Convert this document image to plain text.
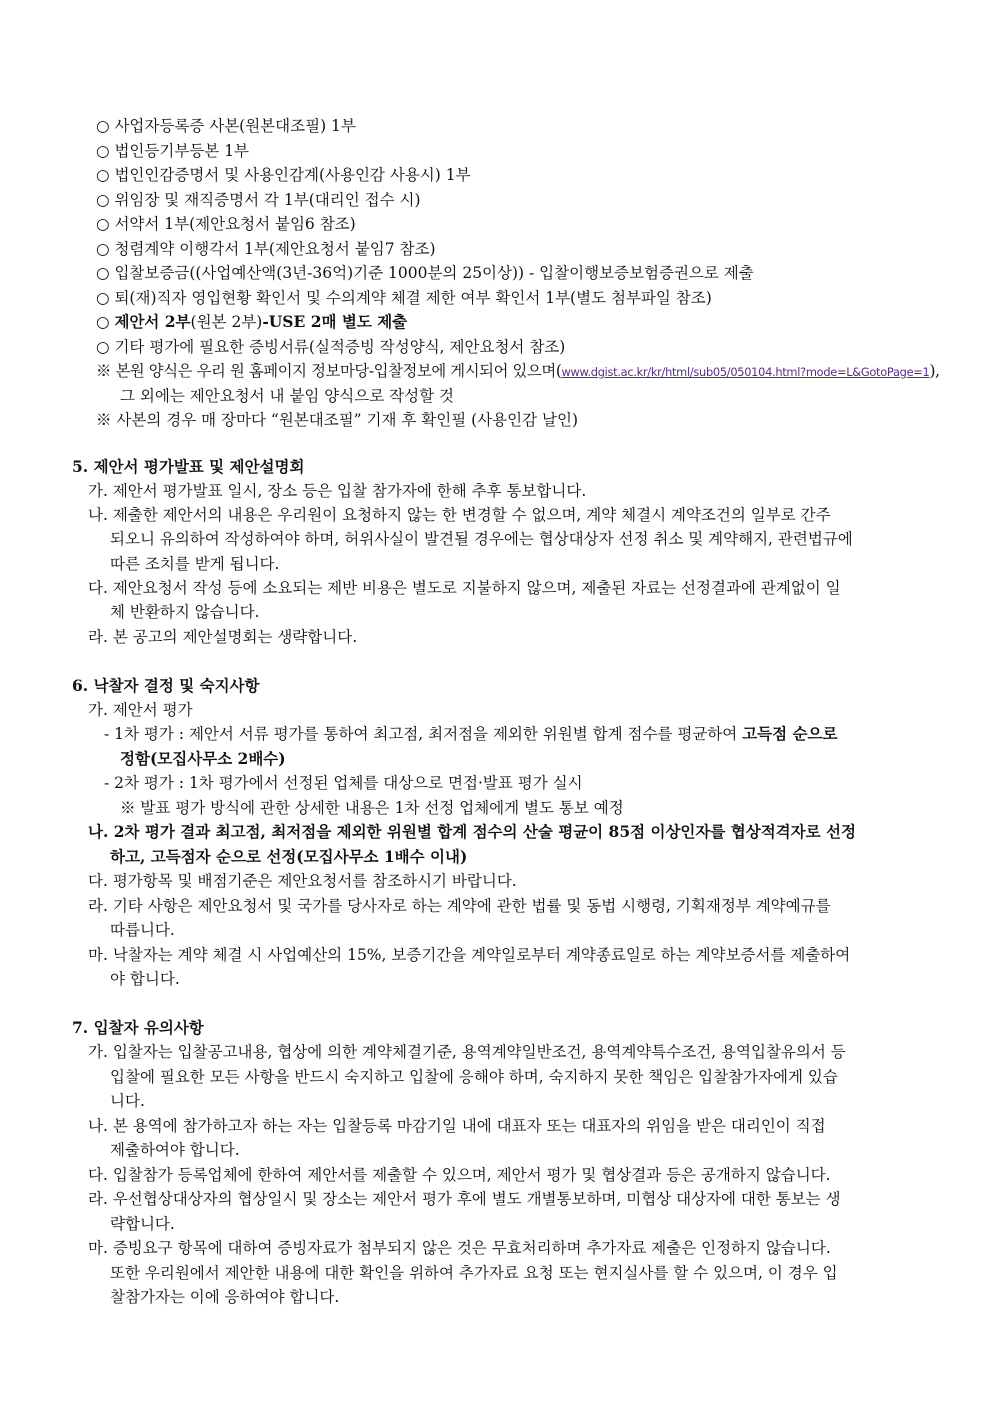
○ 사업자등록증 사본(원본대조필) 1부
○ 법인등기부등본 1부
○ 법인인감증명서 및 사용인감계(사용인감 사용시) 1부
○ 위임장 및 재직증명서 각 1부(대리인 접수 시)
○ 서약서 1부(제안요청서 붙임6 참조)
○ 청렴계약 이행각서 1부(제안요청서 붙임7 참조)
○ 입찰보증금((사업예산액(3년-36억)기준 1000분의 25이상)) - 입찰이행보증보험증권으로 제출
○ 퇴(재)직자 영입현황 확인서 및 수의계약 체결 제한 여부 확인서 1부(별도 첨부파일 참조)
○ 제안서 2부(원본 2부)-USE 2매 별도 제출
○ 기타 평가에 필요한 증빙서류(실적증빙 작성양식, 제안요청서 참조)
※ 본원 양식은 우리 원 홈페이지 정보마당-입찰정보에 게시되어 있으며(www.dgist.ac.kr/kr/html/sub05/050104.html?mode=L&GotoPage=1),
그 외에는 제안요청서 내 붙임 양식으로 작성할 것
※ 사본의 경우 매 장마다 “원본대조필” 기재 후 확인필 (사용인감 날인)
5. 제안서 평가발표 및 제안설명회
가. 제안서 평가발표 일시, 장소 등은 입찰 참가자에 한해 추후 통보합니다.
나. 제출한 제안서의 내용은 우리원이 요청하지 않는 한 변경할 수 없으며, 계약 체결시 계약조건의 일부로 간주
되오니 유의하여 작성하여야 하며, 허위사실이 발견될 경우에는 협상대상자 선정 취소 및 계약해지, 관련법규에
따른 조치를 받게 됩니다.
다. 제안요청서 작성 등에 소요되는 제반 비용은 별도로 지불하지 않으며, 제출된 자료는 선정결과에 관계없이 일
체 반환하지 않습니다.
라. 본 공고의 제안설명회는 생략합니다.
6. 낙찰자 결정 및 숙지사항
가. 제안서 평가
- 1차 평가 : 제안서 서류 평가를 통하여 최고점, 최저점을 제외한 위원별 합계 점수를 평균하여 고득점 순으로
정함(모집사무소 2배수)
- 2차 평가 : 1차 평가에서 선정된 업체를 대상으로 면접·발표 평가 실시
※ 발표 평가 방식에 관한 상세한 내용은 1차 선정 업체에게 별도 통보 예정
나. 2차 평가 결과 최고점, 최저점을 제외한 위원별 합계 점수의 산술 평균이 85점 이상인자를 협상적격자로 선정
하고, 고득점자 순으로 선정(모집사무소 1배수 이내)
다. 평가항목 및 배점기준은 제안요청서를 참조하시기 바랍니다.
라. 기타 사항은 제안요청서 및 국가를 당사자로 하는 계약에 관한 법률 및 동법 시행령, 기획재정부 계약예규를
따릅니다.
마. 낙찰자는 계약 체결 시 사업예산의 15%, 보증기간을 계약일로부터 계약종료일로 하는 계약보증서를 제출하여
야 합니다.
7. 입찰자 유의사항
가. 입찰자는 입찰공고내용, 협상에 의한 계약체결기준, 용역계약일반조건, 용역계약특수조건, 용역입찰유의서 등
입찰에 필요한 모든 사항을 반드시 숙지하고 입찰에 응해야 하며, 숙지하지 못한 책임은 입찰참가자에게 있습
니다.
나. 본 용역에 참가하고자 하는 자는 입찰등록 마감기일 내에 대표자 또는 대표자의 위임을 받은 대리인이 직접
제출하여야 합니다.
다. 입찰참가 등록업체에 한하여 제안서를 제출할 수 있으며, 제안서 평가 및 협상결과 등은 공개하지 않습니다.
라. 우선협상대상자의 협상일시 및 장소는 제안서 평가 후에 별도 개별통보하며, 미협상 대상자에 대한 통보는 생
략합니다.
마. 증빙요구 항목에 대하여 증빙자료가 첨부되지 않은 것은 무효처리하며 추가자료 제출은 인정하지 않습니다.
또한 우리원에서 제안한 내용에 대한 확인을 위하여 추가자료 요청 또는 현지실사를 할 수 있으며, 이 경우 입
찰참가자는 이에 응하여야 합니다.
